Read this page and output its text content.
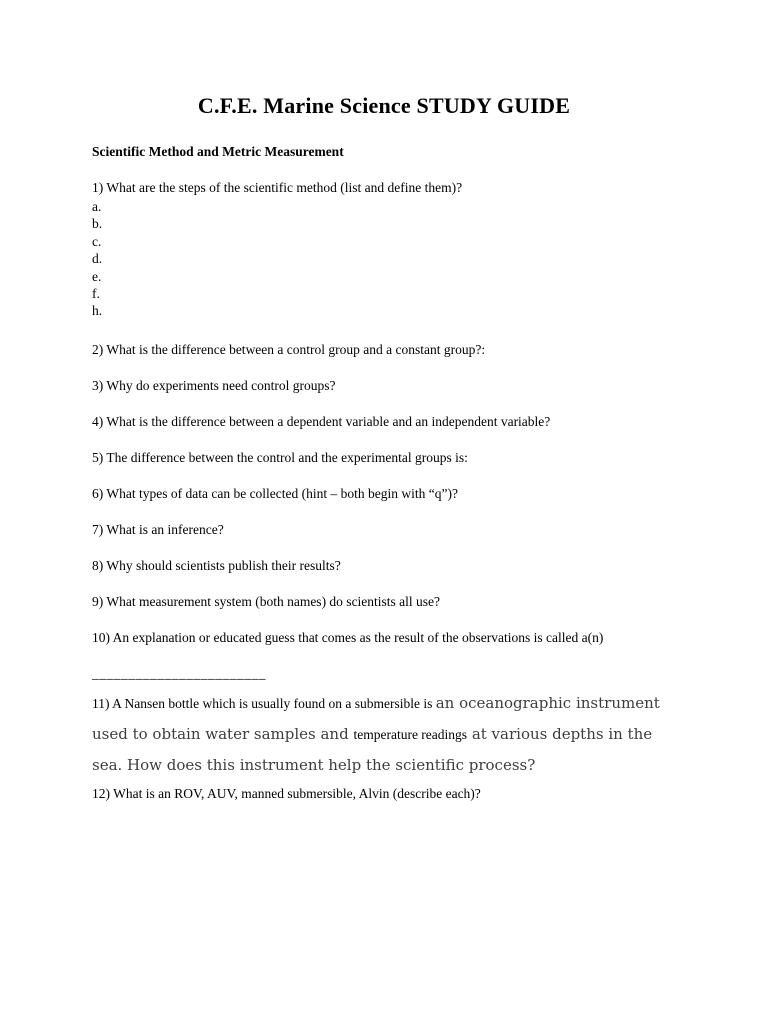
C.F.E. Marine Science STUDY GUIDE
Scientific Method and Metric Measurement

1) What are the steps of the scientific method (list and define them)?

a.
b.
c.
d.
e.
f.
h.

2) What is the difference between a control group and a constant group?:

3) Why do experiments need control groups?

4) What is the difference between a dependent variable and an independent variable?

5) The difference between the control and the experimental groups is:

6) What types of data can be collected (hint – both begin with “q”)?

7) What is an inference?

8) Why should scientists publish their results?

9) What measurement system (both names) do scientists all use?

10) An explanation or educated guess that comes as the result of the observations is called a(n)

________________________

11) A Nansen bottle which is usually found on a submersible is an oceanographic instrument used to obtain water samples and temperature readings at various depths in the sea. How does this instrument help the scientific process?

12) What is an ROV, AUV, manned submersible, Alvin (describe each)?
